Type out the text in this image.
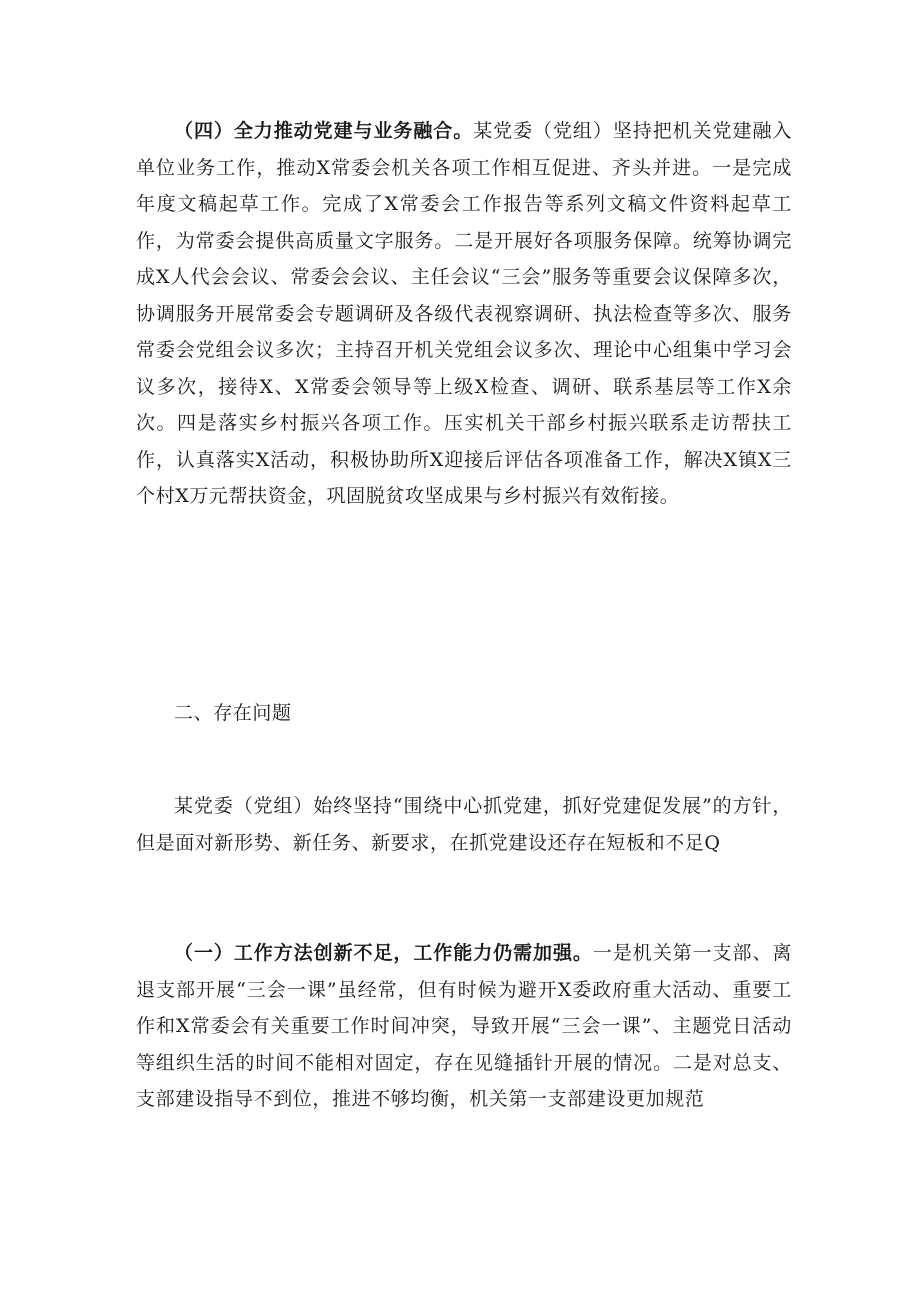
（四）全力推动党建与业务融合。某党委（党组）坚持把机关党建融入单位业务工作，推动X常委会机关各项工作相互促进、齐头并进。一是完成年度文稿起草工作。完成了X常委会工作报告等系列文稿文件资料起草工作，为常委会提供高质量文字服务。二是开展好各项服务保障。统筹协调完成X人代会会议、常委会会议、主任会议“三会”服务等重要会议保障多次，协调服务开展常委会专题调研及各级代表视察调研、执法检查等多次、服务常委会党组会议多次；主持召开机关党组会议多次、理论中心组集中学习会议多次，接待X、X常委会领导等上级X检查、调研、联系基层等工作X余次。四是落实乡村振兴各项工作。压实机关干部乡村振兴联系走访帮扶工作，认真落实X活动，积极协助所X迎接后评估各项准备工作，解决X镇X三个村X万元帮扶资金，巩固脱贫攻坚成果与乡村振兴有效衔接。

二、存在问题

某党委（党组）始终坚持“围绕中心抓党建，抓好党建促发展”的方针，但是面对新形势、新任务、新要求，在抓党建设还存在短板和不足Q

（一）工作方法创新不足，工作能力仍需加强。一是机关第一支部、离退支部开展“三会一课”虽经常，但有时候为避开X委政府重大活动、重要工作和X常委会有关重要工作时间冲突，导致开展“三会一课”、主题党日活动等组织生活的时间不能相对固定，存在见缝插针开展的情况。二是对总支、支部建设指导不到位，推进不够均衡，机关第一支部建设更加规范
